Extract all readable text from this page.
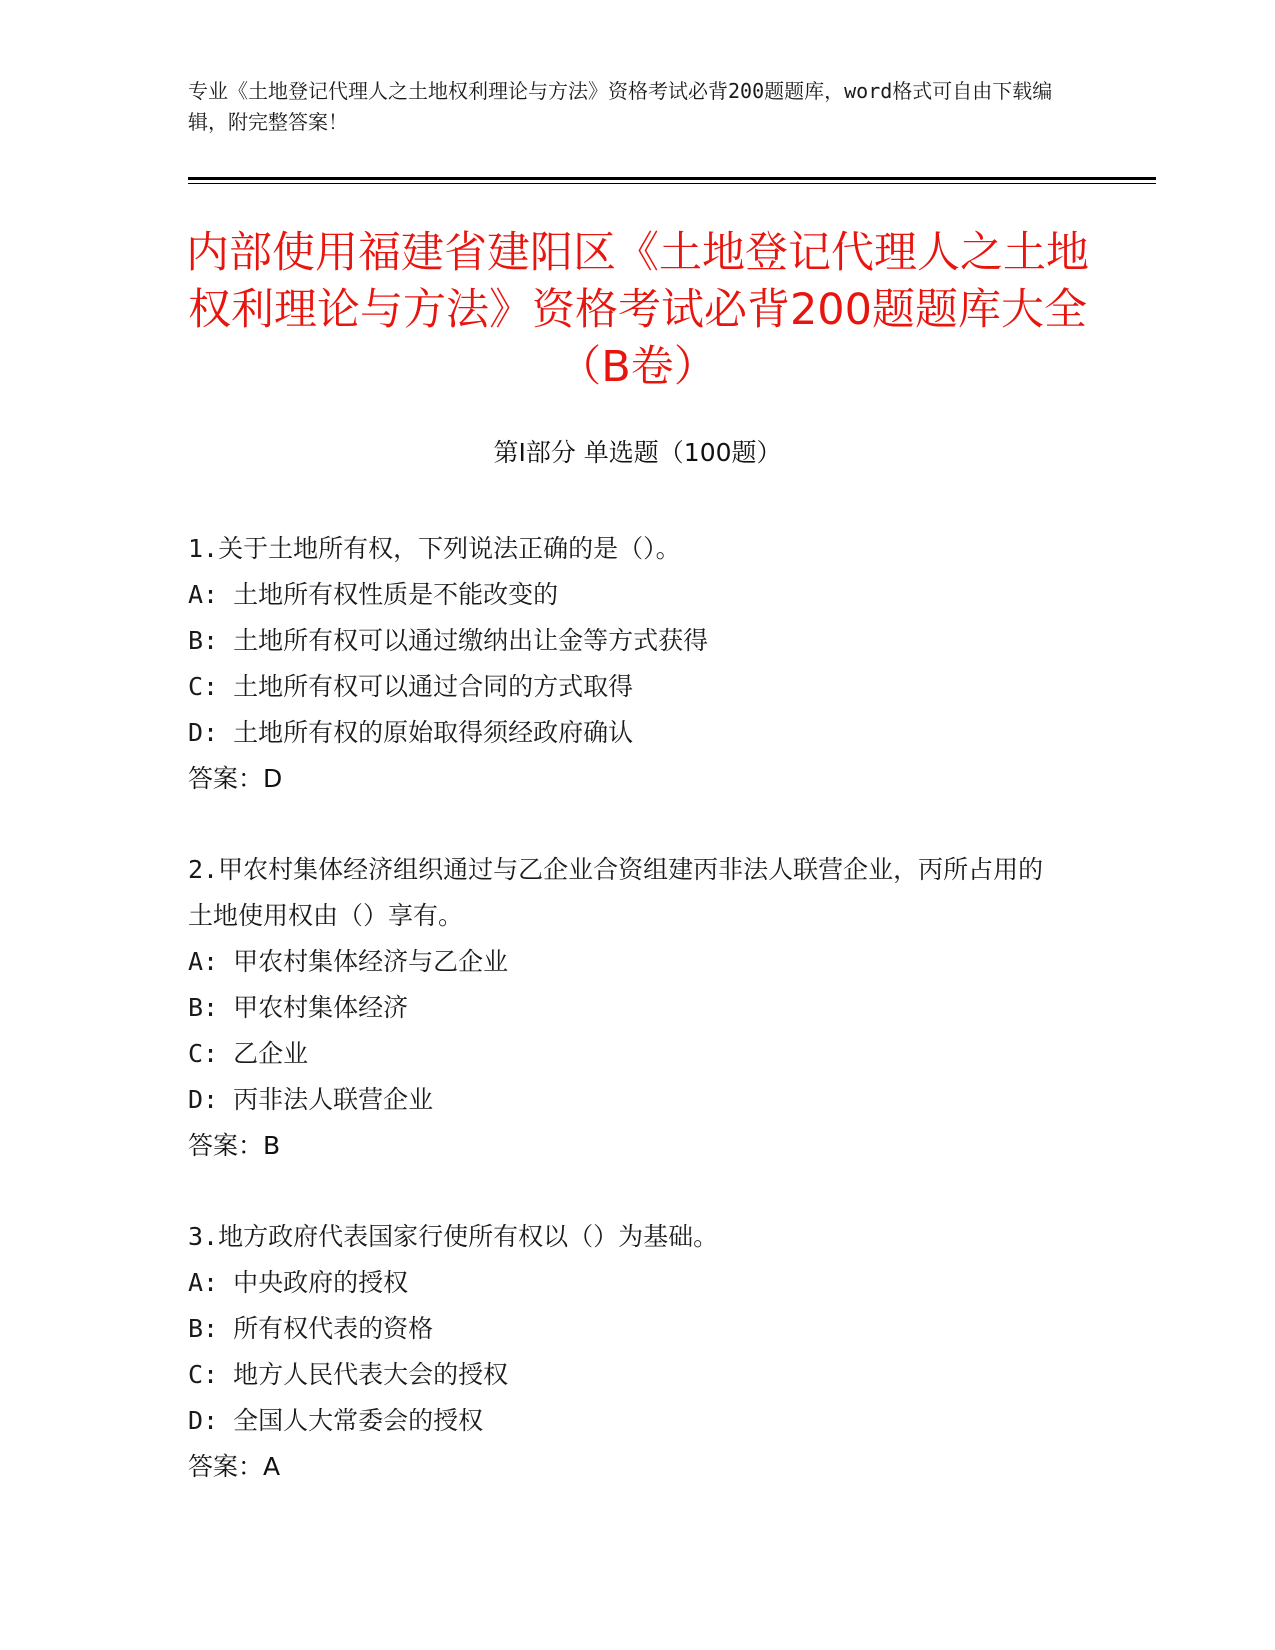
专业《土地登记代理人之土地权利理论与方法》资格考试必背200题题库，word格式可自由下载编辑，附完整答案！
内部使用福建省建阳区《土地登记代理人之土地权利理论与方法》资格考试必背200题题库大全（B卷）
第Ⅰ部分 单选题（100题）
1.关于土地所有权，下列说法正确的是（）。
A: 土地所有权性质是不能改变的
B: 土地所有权可以通过缴纳出让金等方式获得
C: 土地所有权可以通过合同的方式取得
D: 土地所有权的原始取得须经政府确认
答案：D
2.甲农村集体经济组织通过与乙企业合资组建丙非法人联营企业，丙所占用的土地使用权由（）享有。
A: 甲农村集体经济与乙企业
B: 甲农村集体经济
C: 乙企业
D: 丙非法人联营企业
答案：B
3.地方政府代表国家行使所有权以（）为基础。
A: 中央政府的授权
B: 所有权代表的资格
C: 地方人民代表大会的授权
D: 全国人大常委会的授权
答案：A
